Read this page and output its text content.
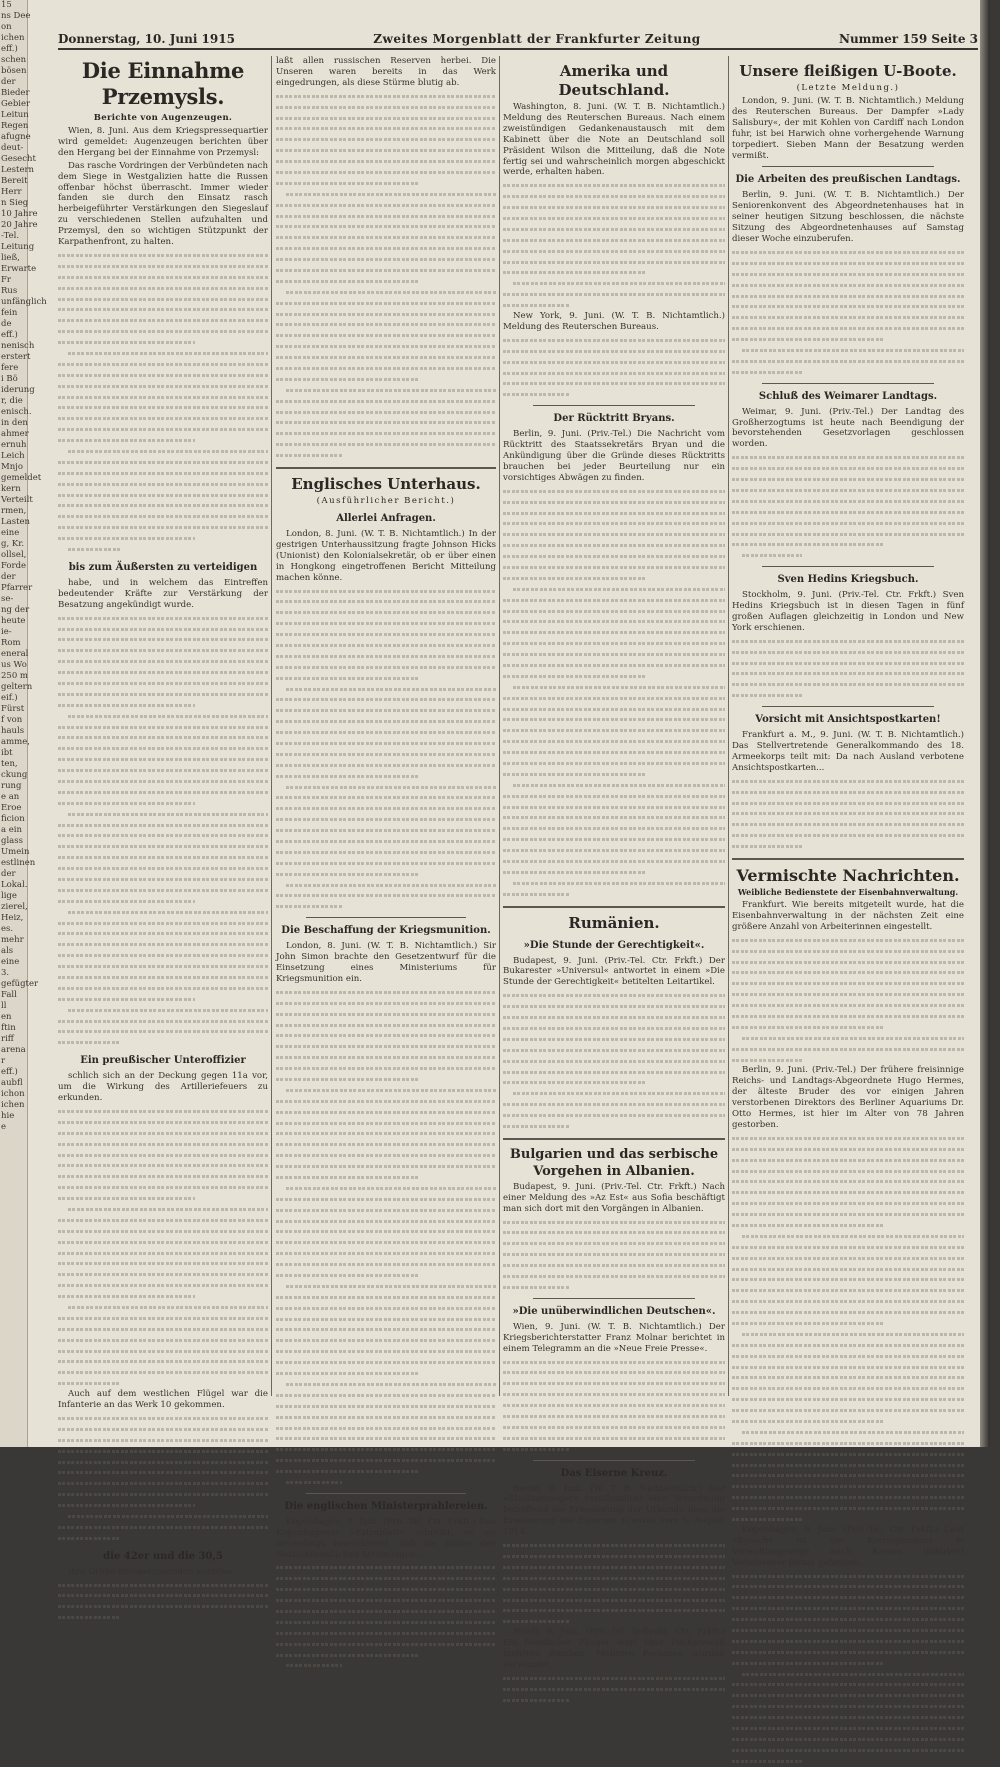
15
ns Dee
on
ichen
eff.)
schen
bösen
der
Bieder
Gebier
Leitun
Regen
afugne
deut-
Gesecht
Lestern
Bereit
Herr
n Sieg
10 Jahre
20 Jahre
-Tel.
Leitung
ließ,
Erwarte
Fr
Rus
unfänglich
fein
de
eff.)
nenisch
erstert
fere
i Bö
iderung
r, die
enisch.
in den
ahmer
ernuh
Leich
Mnjo
gemeldet
kern
Verteilt
rmen,
Lasten
eine
g, Kr.
ollsel,
Forde
der
Pfarrer
se-
ng der
heute
ie-
Rom
eneral
us Wo
250 m
geltern
eif.)
Fürst
f von
hauls
amme,
ibt
ten,
ckung
rung
e an
Eroe
ficion
a ein
glass
Umein
estlinen
der
Lokal.
lige
zierel,
Heiz,
es.
mehr
als
eine
3.
gefügter
Fall
ll
en
ftin
riff
arena
r
eff.)
aubfl
ichon
ichen
hie
e
Donnerstag, 10. Juni 1915	Zweites Morgenblatt der Frankfurter Zeitung	Nummer 159 Seite 3
Die Einnahme Przemysls.
Berichte von Augenzeugen.

Wien, 8. Juni. Aus dem Kriegspressequartier wird gemeldet: Augenzeugen berichten über den Hergang bei der Einnahme von Przemysl:

Das rasche Vordringen der Verbündeten nach dem Siege in Westgalizien hatte die Russen offenbar höchst überrascht. Immer wieder fanden sie durch den Einsatz rasch herbeigeführter Verstärkungen den Siegeslauf zu verschiedenen Stellen aufzuhalten und Przemysl, den so wichtigen Stützpunkt der Karpathenfront, zu halten.

bis zum Äußersten zu verteidigen

habe, und in welchem das Eintreffen bedeutender Kräfte zur Verstärkung der Besatzung angekündigt wurde.

Ein preußischer Unteroffizier

schlich sich an der Deckung gegen 11a vor, um die Wirkung des Artilleriefeuers zu erkunden.

Auch auf dem westlichen Flügel war die Infanterie an das Werk 10 gekommen.

die 42er und die 30,5

ihre Grüße hinüberzusenden konnten.

laßt allen russischen Reserven herbei. Die Unseren waren bereits in das Werk eingedrungen, als diese Stürme blutig ab.

Englisches Unterhaus.
(Ausführlicher Bericht.)
Allerlei Anfragen.

London, 8. Juni. (W. T. B. Nichtamtlich.) In der gestrigen Unterhaussitzung fragte Johnson Hicks (Unionist) den Kolonialsekretär, ob er über einen in Hongkong eingetroffenen Bericht Mitteilung machen könne.

Die Beschaffung der Kriegsmunition.

London, 8. Juni. (W. T. B. Nichtamtlich.) Sir John Simon brachte den Gesetzentwurf für die Einsetzung eines Ministeriums für Kriegsmunition ein.

Die englischen Ministerprahlereien.

Kopenhagen, 9. Juni. (Priv.-Tel. Ctr. Frkft.) Das Kopenhagener »Extrablatt« schreibt, es sei neuerdings bezeichnend, daß die hinter den deutschfeindlichen Strömungen...

Amerika und Deutschland.

Washington, 8. Juni. (W. T. B. Nichtamtlich.) Meldung des Reuterschen Bureaus. Nach einem zweistündigen Gedankenaustausch mit dem Kabinett über die Note an Deutschland soll Präsident Wilson die Mitteilung, daß die Note fertig sei und wahrscheinlich morgen abgeschickt werde, erhalten haben.

New York, 9. Juni. (W. T. B. Nichtamtlich.) Meldung des Reuterschen Bureaus.

Der Rücktritt Bryans.

Berlin, 9. Juni. (Priv.-Tel.) Die Nachricht vom Rücktritt des Staatssekretärs Bryan und die Ankündigung über die Gründe dieses Rücktritts brauchen bei jeder Beurteilung nur ein vorsichtiges Abwägen zu finden.

Rumänien.
»Die Stunde der Gerechtigkeit«.

Budapest, 9. Juni. (Priv.-Tel. Ctr. Frkft.) Der Bukarester »Universul« antwortet in einem »Die Stunde der Gerechtigkeit« betitelten Leitartikel.

Bulgarien und das serbische Vorgehen in Albanien.

Budapest, 9. Juni. (Priv.-Tel. Ctr. Frkft.) Nach einer Meldung des »Az Est« aus Sofia beschäftigt man sich dort mit den Vorgängen in Albanien.

»Die unüberwindlichen Deutschen«.

Wien, 9. Juni. (W. T. B. Nichtamtlich.) Der Kriegsberichterstatter Franz Molnar berichtet in einem Telegramm an die »Neue Freie Presse«.

Das Eiserne Kreuz.

Berlin, 9. Juni. (W. T. B. Nichtamtlich.) Der »Staatsanzeiger« veröffentlicht eine Verordnung betreffend die Erweiterung der Urkunde über die Erneuerung des Eisernen Kreuzes vom 5. August 1914.

Nisch, 9. Juni. (Priv.-Tel. Indirekt. Ctr. Frkft.) Ein feindlicher Flieger warf über Pocharewaß mehrere Bomben, Mehrere Personen wurden verwundet.

Unsere fleißigen U-Boote.
(Letzte Meldung.)

London, 9. Juni. (W. T. B. Nichtamtlich.) Meldung des Reuterschen Bureaus. Der Dampfer »Lady Salisbury«, der mit Kohlen von Cardiff nach London fuhr, ist bei Harwich ohne vorhergehende Warnung torpediert. Sieben Mann der Besatzung werden vermißt.

Die Arbeiten des preußischen Landtags.

Berlin, 9. Juni. (W. T. B. Nichtamtlich.) Der Seniorenkonvent des Abgeordnetenhauses hat in seiner heutigen Sitzung beschlossen, die nächste Sitzung des Abgeordnetenhauses auf Samstag dieser Woche einzuberufen.

Schluß des Weimarer Landtags.

Weimar, 9. Juni. (Priv.-Tel.) Der Landtag des Großherzogtums ist heute nach Beendigung der bevorstehenden Gesetzvorlagen geschlossen worden.

Sven Hedins Kriegsbuch.

Stockholm, 9. Juni. (Priv.-Tel. Ctr. Frkft.) Sven Hedins Kriegsbuch ist in diesen Tagen in fünf großen Auflagen gleichzeitig in London und New York erschienen.

Vorsicht mit Ansichtspostkarten!

Frankfurt a. M., 9. Juni. (W. T. B. Nichtamtlich.) Das Stellvertretende Generalkommando des 18. Armeekorps teilt mit: Da nach Ausland verbotene Ansichtspostkarten...

Vermischte Nachrichten.
Weibliche Bedienstete der Eisenbahnverwaltung.

Frankfurt. Wie bereits mitgeteilt wurde, hat die Eisenbahnverwaltung in der nächsten Zeit eine größere Anzahl von Arbeiterinnen eingestellt.

Berlin, 9. Juni. (Priv.-Tel.) Der frühere freisinnige Reichs- und Landtags-Abgeordnete Hugo Hermes, der älteste Bruder des vor einigen Jahren verstorbenen Direktors des Berliner Aquariums Dr. Otto Hermes, ist hier im Alter von 78 Jahren gestorben.

Kopenhagen, 9. Juni. (Priv.-Tel. Ctr. Frkft.) Laut »Ryesch« ist der Korrespondenz in Verwaltungswege nach Karum (Sibirien) Verwiesener fortan gefangen.
